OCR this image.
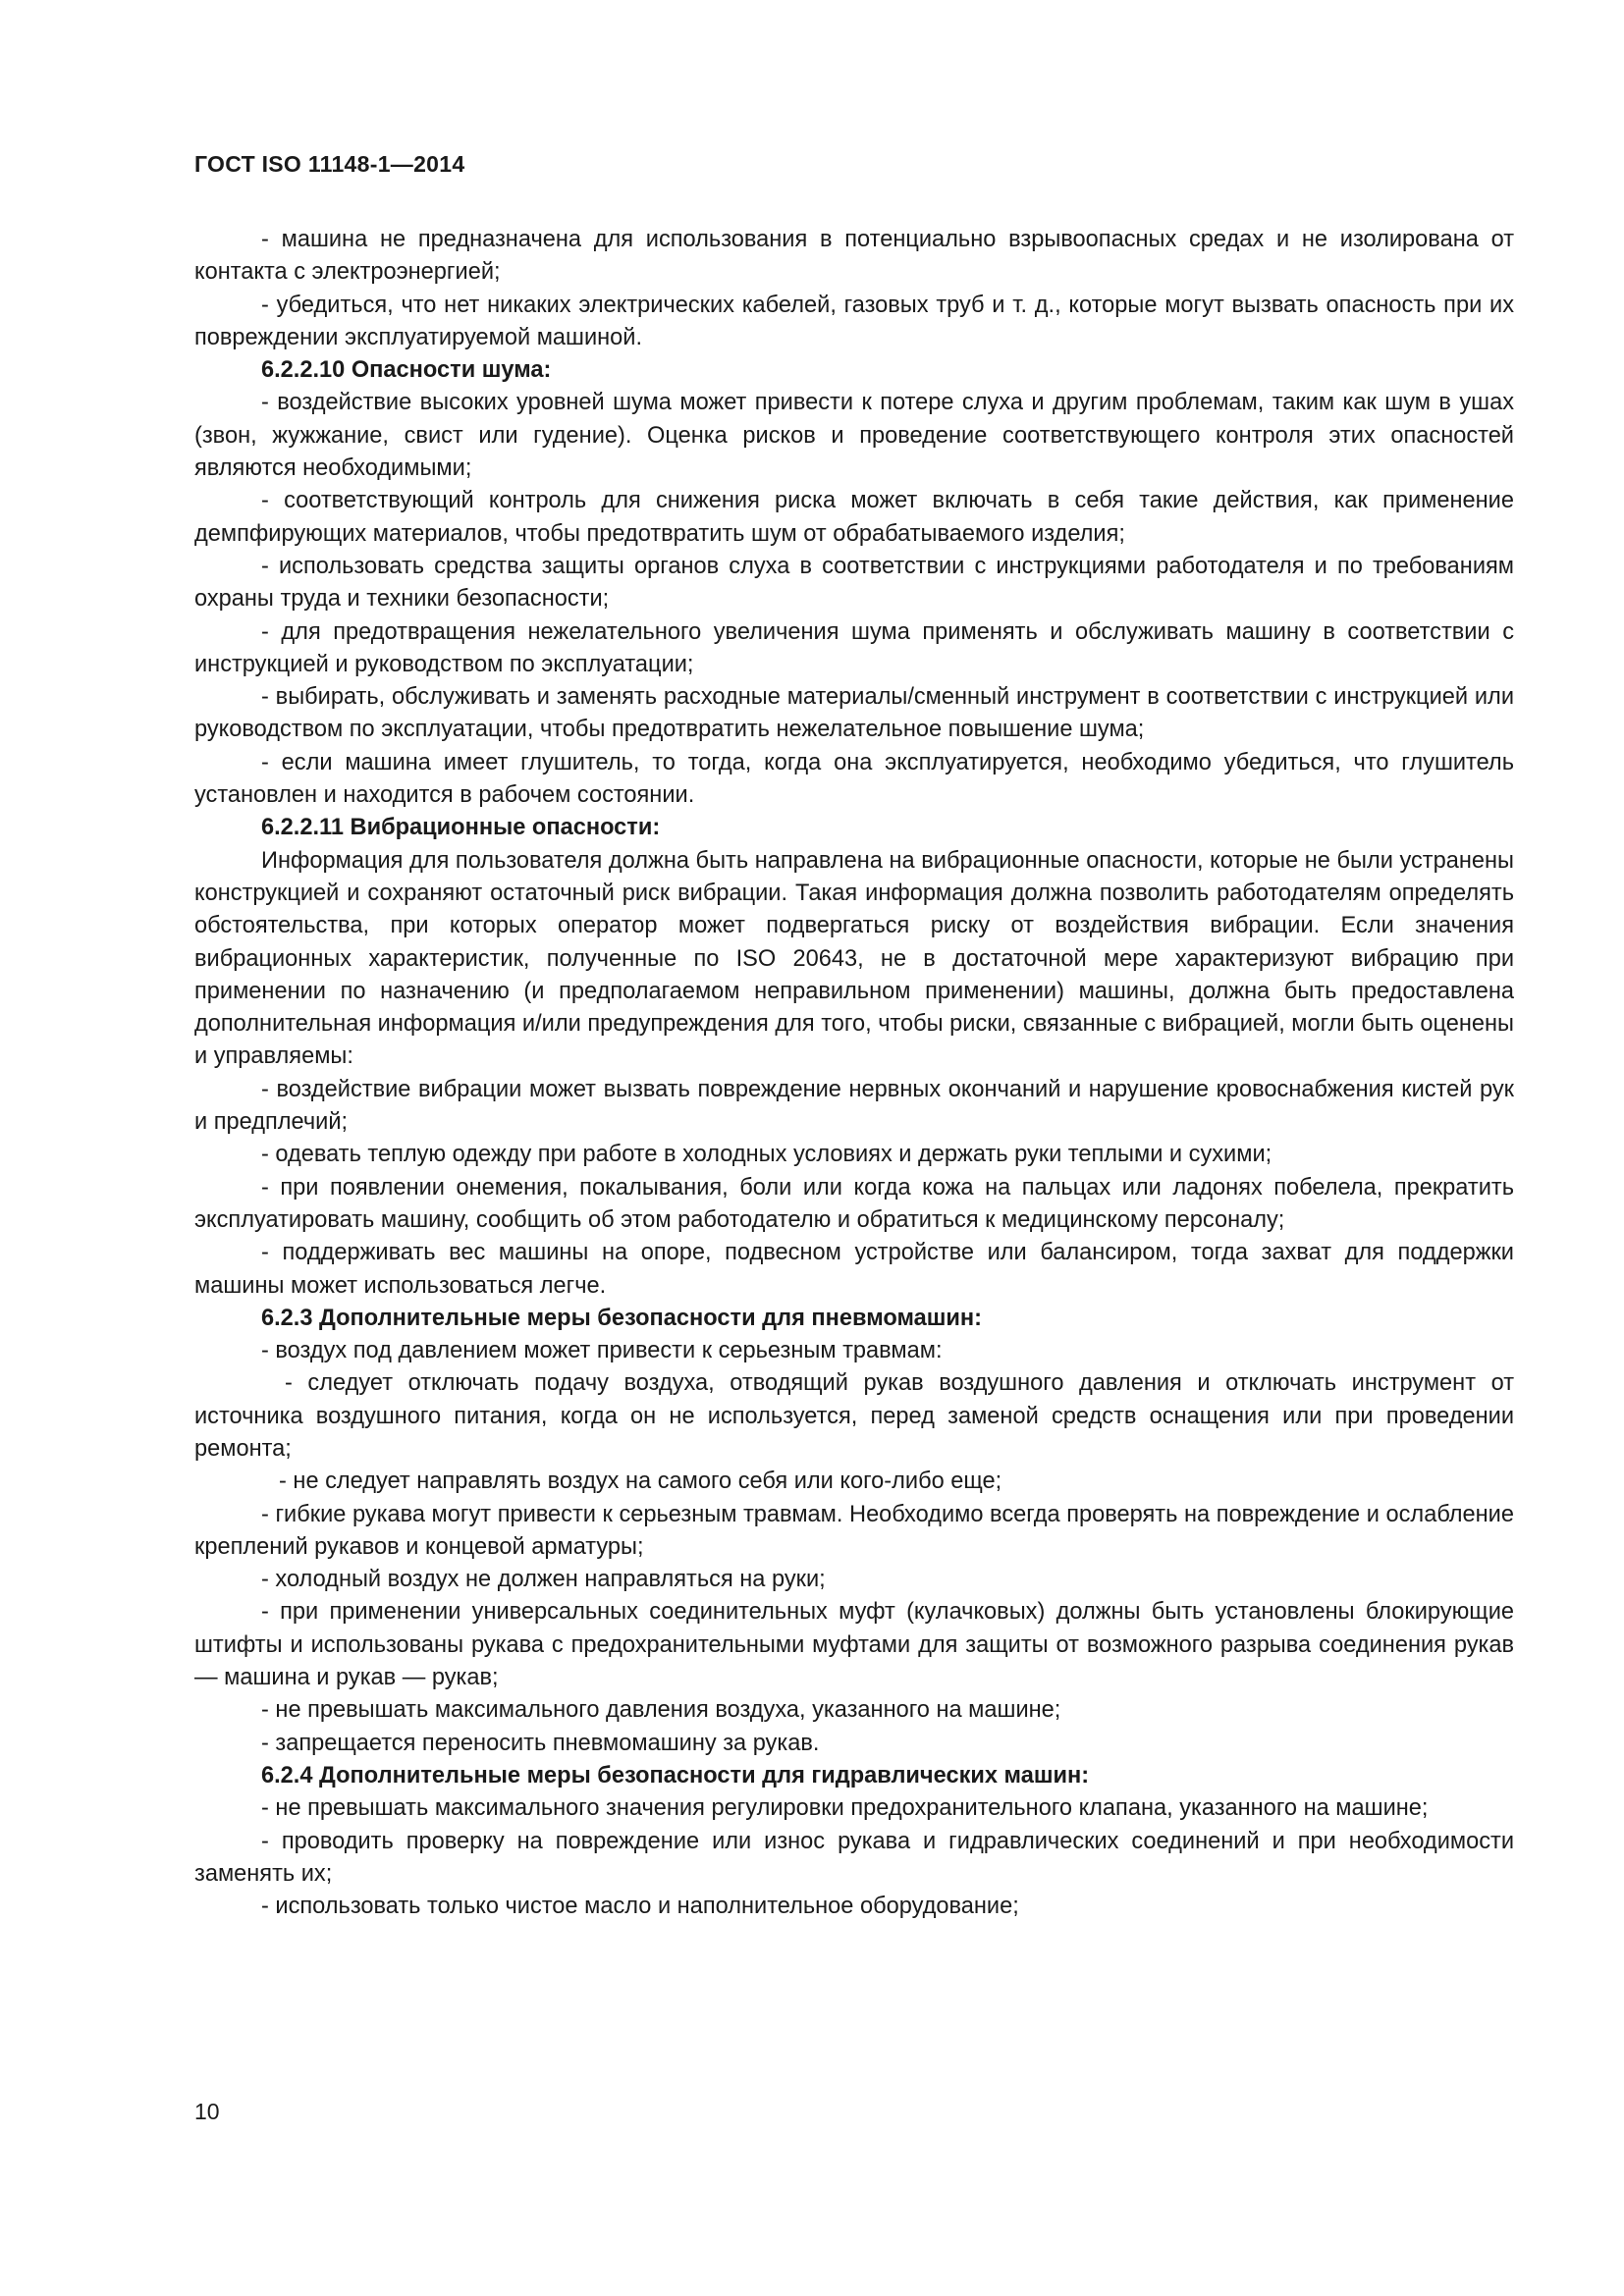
ГОСТ ISO 11148-1—2014

- машина не предназначена для использования в потенциально взрывоопасных средах и не изолирована от контакта с электроэнергией;

- убедиться, что нет никаких электрических кабелей, газовых труб и т. д., которые могут вызвать опасность при их повреждении эксплуатируемой машиной.

6.2.2.10 Опасности шума:

- воздействие высоких уровней шума может привести к потере слуха и другим проблемам, таким как шум в ушах (звон, жужжание, свист или гудение). Оценка рисков и проведение соответствующего контроля этих опасностей являются необходимыми;

- соответствующий контроль для снижения риска может включать в себя такие действия, как применение демпфирующих материалов, чтобы предотвратить шум от обрабатываемого изделия;

- использовать средства защиты органов слуха в соответствии с инструкциями работодателя и по требованиям охраны труда и техники безопасности;

- для предотвращения нежелательного увеличения шума применять и обслуживать машину в соответствии с инструкцией и руководством по эксплуатации;

- выбирать, обслуживать и заменять расходные материалы/сменный инструмент в соответствии с инструкцией или руководством по эксплуатации, чтобы предотвратить нежелательное повышение шума;

- если машина имеет глушитель, то тогда, когда она эксплуатируется, необходимо убедиться, что глушитель установлен и находится в рабочем состоянии.

6.2.2.11 Вибрационные опасности:

Информация для пользователя должна быть направлена на вибрационные опасности, которые не были устранены конструкцией и сохраняют остаточный риск вибрации. Такая информация должна позволить работодателям определять обстоятельства, при которых оператор может подвергаться риску от воздействия вибрации. Если значения вибрационных характеристик, полученные по ISO 20643, не в достаточной мере характеризуют вибрацию при применении по назначению (и предполагаемом неправильном применении) машины, должна быть предоставлена дополнительная информация и/или предупреждения для того, чтобы риски, связанные с вибрацией, могли быть оценены и управляемы:

- воздействие вибрации может вызвать повреждение нервных окончаний и нарушение кровоснабжения кистей рук и предплечий;

- одевать теплую одежду при работе в холодных условиях и держать руки теплыми и сухими;

- при появлении онемения, покалывания, боли или когда кожа на пальцах или ладонях побелела, прекратить эксплуатировать машину, сообщить об этом работодателю и обратиться к медицинскому персоналу;

- поддерживать вес машины на опоре, подвесном устройстве или балансиром, тогда захват для поддержки машины может использоваться легче.

6.2.3 Дополнительные меры безопасности для пневмомашин:

- воздух под давлением может привести к серьезным травмам:

- следует отключать подачу воздуха, отводящий рукав воздушного давления и отключать инструмент от источника воздушного питания, когда он не используется, перед заменой средств оснащения или при проведении ремонта;

- не следует направлять воздух на самого себя или кого-либо еще;

- гибкие рукава могут привести к серьезным травмам. Необходимо всегда проверять на повреждение и ослабление креплений рукавов и концевой арматуры;

- холодный воздух не должен направляться на руки;

- при применении универсальных соединительных муфт (кулачковых) должны быть установлены блокирующие штифты и использованы рукава с предохранительными муфтами для защиты от возможного разрыва соединения рукав — машина и рукав — рукав;

- не превышать максимального давления воздуха, указанного на машине;

- запрещается переносить пневмомашину за рукав.

6.2.4 Дополнительные меры безопасности для гидравлических машин:

- не превышать максимального значения регулировки предохранительного клапана, указанного на машине;

- проводить проверку на повреждение или износ рукава и гидравлических соединений и при необходимости заменять их;

- использовать только чистое масло и наполнительное оборудование;

10
